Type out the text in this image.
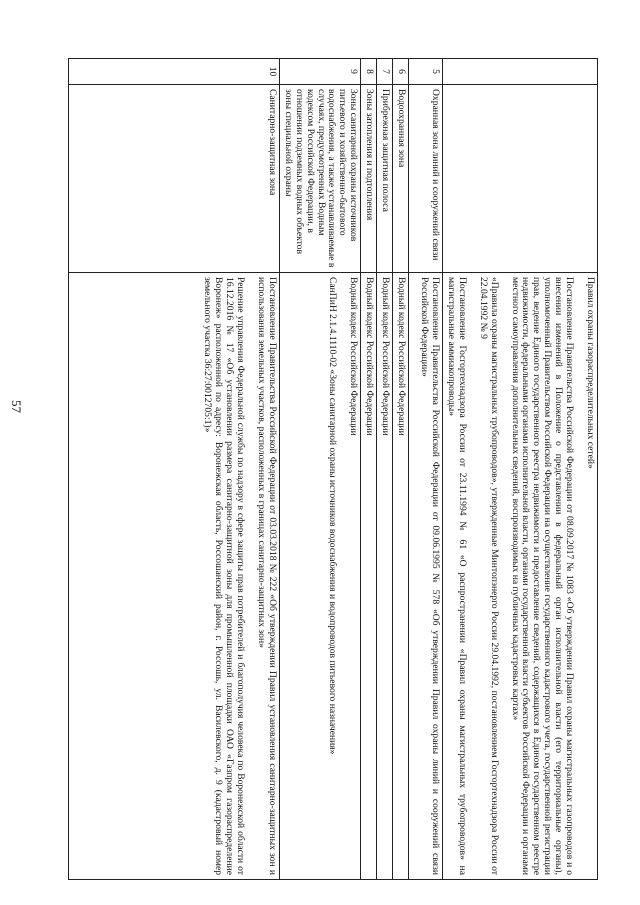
57

		Правил охраны газораспределительных сетей»
Постановление Правительства Российской Федерации от 08.09.2017 № 1083 «Об утверждении Правил охраны магистральных газопроводов и о внесении изменений в Положение о представлении в федеральный орган исполнительной власти (его территориальные органы), уполномоченный Правительством Российской Федерации на осуществление государственного кадастрового учета, государственной регистрации прав, ведение Единого государственного реестра недвижимости и предоставление сведений, содержащихся в Едином государственном реестре недвижимости, федеральными органами исполнительной власти, органами государственной власти субъектов Российской Федерации и органами местного самоуправления дополнительных сведений, воспроизводимых на публичных кадастровых картах»
«Правила охраны магистральных трубопроводов», утвержденные Минтопэнерго России 29.04.1992, постановлением Госгортехнадзора России от 22.04.1992 № 9
Постановление Госгортехнадзора России от 23.11.1994 № 61 «О распространении «Правил охраны магистральных трубопроводов» на магистральные аммиакопроводы»

5	Охранная зона линий и сооружений связи	Постановление Правительства Российской Федерации от 09.06.1995 № 578 «Об утверждении Правил охраны линий и сооружений связи Российской Федерации»

6	Водоохранная зона	Водный кодекс Российской Федерации

7	Прибрежная защитная полоса	Водный кодекс Российской Федерации

8	Зоны затопления и подтопления	Водный кодекс Российской Федерации

9	Зоны санитарной охраны источников питьевого и хозяйственно-бытового водоснабжения, а также устанавливаемые в случаях, предусмотренных Водным кодексом Российской Федерации, в отношении подземных водных объектов зоны специальной охраны	Водный кодекс Российской Федерации
СанПиН 2.1.4.1110-02 «Зоны санитарной охраны источников водоснабжения и водопроводов питьевого назначения»

10	Санитарно-защитная зона	Постановление Правительства Российской Федерации от 03.03.2018 № 222 «Об утверждении Правил установления санитарно-защитных зон и использования земельных участков, расположенных в границах санитарно-защитных зон»
Решение управления Федеральной службы по надзору в сфере защиты прав потребителей и благополучия человека по Воронежской области от 16.12.2016 № 17 «Об установлении размера санитарно-защитной зоны для промышленной площадки ОАО «Газпром газораспределение Воронеж» расположенной по адресу: Воронежская область, Россошанский район, г. Россошь, ул. Василевского, д. 9 (кадастровый номер земельного участка 36:27:0012705:1)»
